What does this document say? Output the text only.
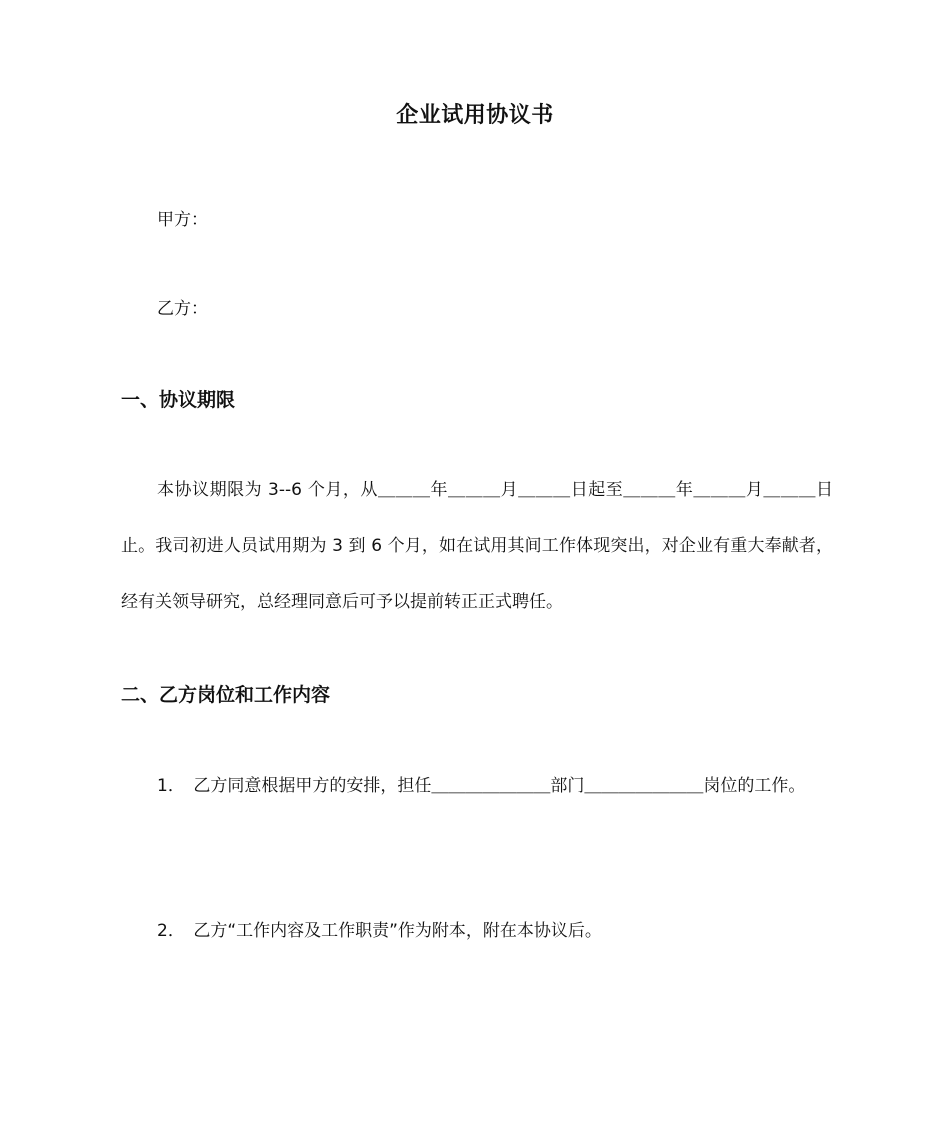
企业试用协议书
甲方：
乙方：
一、协议期限

本协议期限为 3--6 个月，从＿＿＿年＿＿＿月＿＿＿日起至＿＿＿年＿＿＿月＿＿＿日止。我司初进人员试用期为 3 到 6 个月，如在试用其间工作体现突出，对企业有重大奉献者，经有关领导研究，总经理同意后可予以提前转正正式聘任。

二、乙方岗位和工作内容

1．　乙方同意根据甲方的安排，担任＿＿＿＿＿＿＿部门＿＿＿＿＿＿＿岗位的工作。

2．　乙方“工作内容及工作职责”作为附本，附在本协议后。
